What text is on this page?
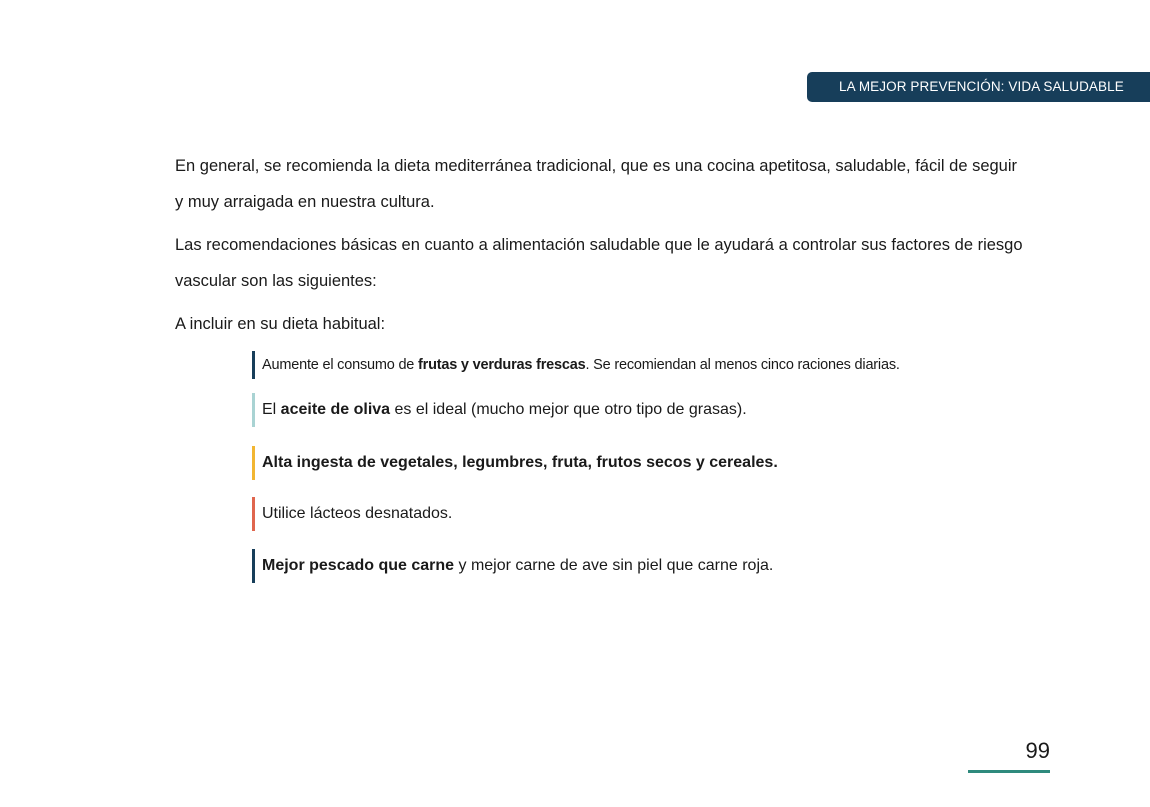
LA MEJOR PREVENCIÓN: VIDA SALUDABLE

En general, se recomienda la dieta mediterránea tradicional, que es una cocina apetitosa, saludable, fácil de seguir y muy arraigada en nuestra cultura.

Las recomendaciones básicas en cuanto a alimentación saludable que le ayudará a controlar sus factores de riesgo vascular son las siguientes:

A incluir en su dieta habitual:

Aumente el consumo de frutas y verduras frescas. Se recomiendan al menos cinco raciones diarias.
El aceite de oliva es el ideal (mucho mejor que otro tipo de grasas).
Alta ingesta de vegetales, legumbres, fruta, frutos secos y cereales.
Utilice lácteos desnatados.
Mejor pescado que carne y mejor carne de ave sin piel que carne roja.
99
